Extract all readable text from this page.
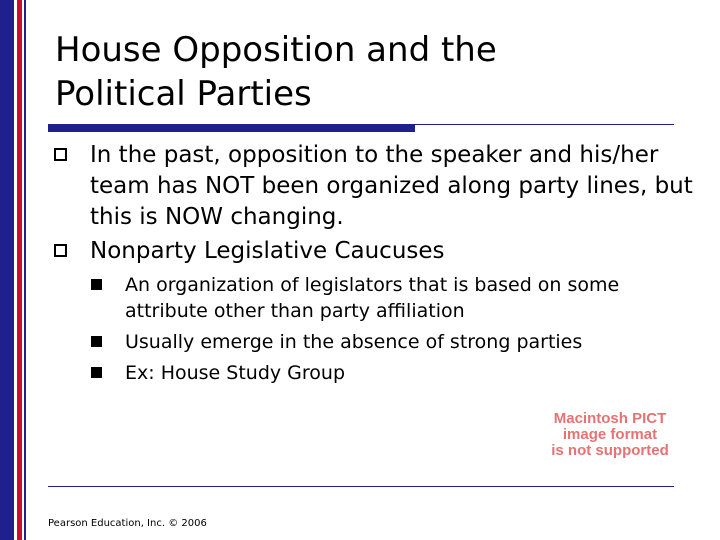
House Opposition and the
Political Parties
In the past, opposition to the speaker and his/her team has NOT been organized along party lines, but this is NOW changing.
Nonparty Legislative Caucuses
An organization of legislators that is based on some attribute other than party affiliation
Usually emerge in the absence of strong parties
Ex: House Study Group
Macintosh PICT
image format
is not supported
Pearson Education, Inc. © 2006
